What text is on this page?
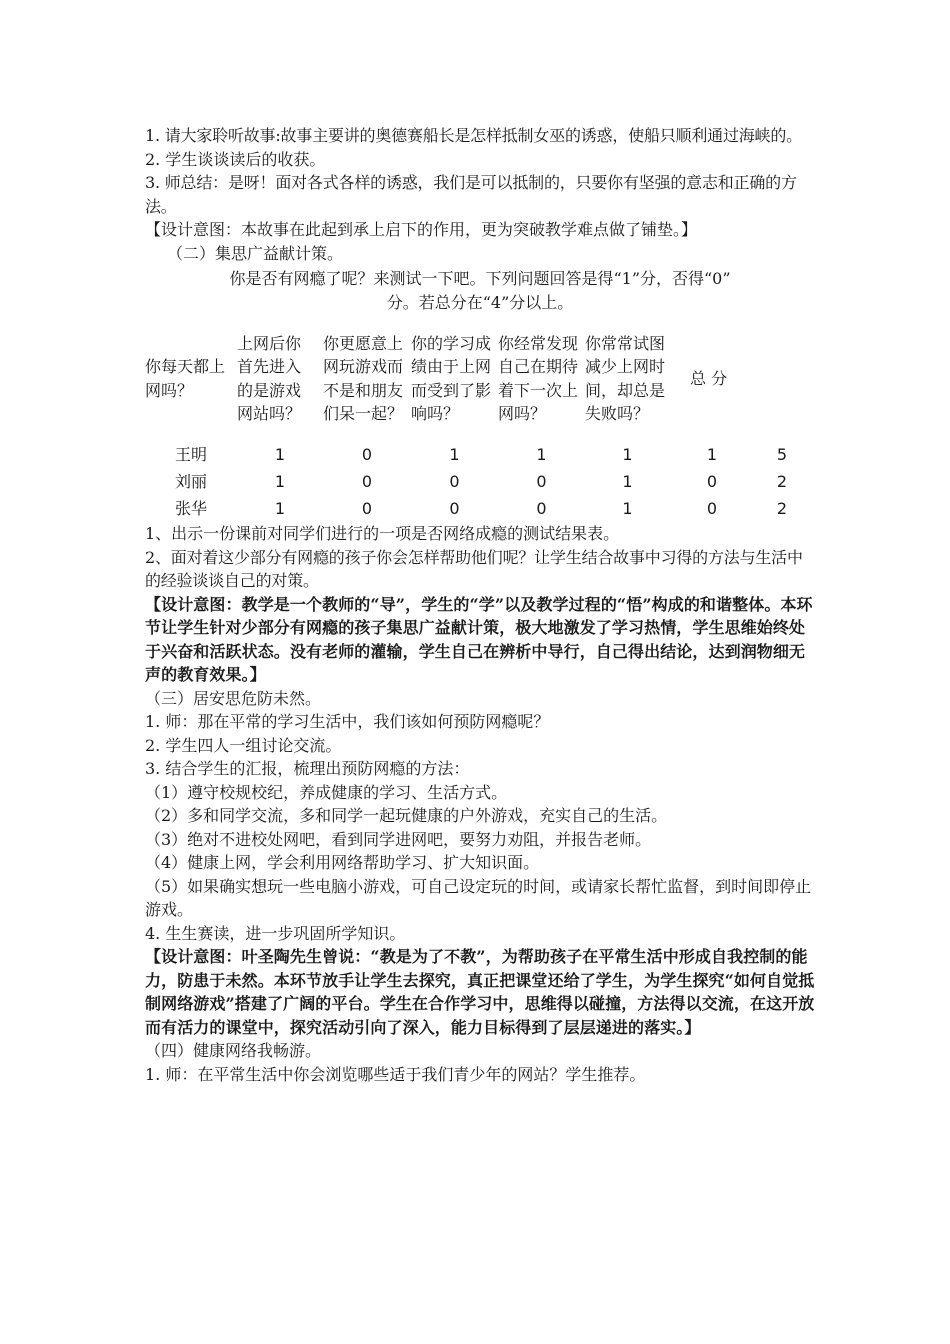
1. 请大家聆听故事:故事主要讲的奥德赛船长是怎样抵制女巫的诱惑，使船只顺利通过海峡的。

2. 学生谈谈读后的收获。

3. 师总结：是呀！面对各式各样的诱惑，我们是可以抵制的，只要你有坚强的意志和正确的方法。

【设计意图：本故事在此起到承上启下的作用，更为突破教学难点做了铺垫。】

（二）集思广益献计策。

你是否有网瘾了呢？来测试一下吧。下列问题回答是得“1”分，否得“0”

分。若总分在“4”分以上。

你每天都上网吗？	上网后你首先进入的是游戏网站吗？	你更愿意上网玩游戏而不是和朋友们呆一起？	你的学习成绩由于上网而受到了影响吗？	你经常发现自己在期待着下一次上网吗？	你常常试图减少上网时间，却总是失败吗？	总 分	
王明	1	0	1	1	1	1	5
刘丽	1	0	0	0	1	0	2
张华	1	0	0	0	1	0	2

1、出示一份课前对同学们进行的一项是否网络成瘾的测试结果表。

2、面对着这少部分有网瘾的孩子你会怎样帮助他们呢？让学生结合故事中习得的方法与生活中的经验谈谈自己的对策。

【设计意图：教学是一个教师的“导”，学生的“学”以及教学过程的“悟”构成的和谐整体。本环节让学生针对少部分有网瘾的孩子集思广益献计策，极大地激发了学习热情，学生思维始终处于兴奋和活跃状态。没有老师的灌输，学生自己在辨析中导行，自己得出结论，达到润物细无声的教育效果。】

（三）居安思危防未然。

1. 师：那在平常的学习生活中，我们该如何预防网瘾呢？

2. 学生四人一组讨论交流。

3. 结合学生的汇报，梳理出预防网瘾的方法：

（1）遵守校规校纪，养成健康的学习、生活方式。

（2）多和同学交流，多和同学一起玩健康的户外游戏，充实自己的生活。

（3）绝对不进校处网吧，看到同学进网吧，要努力劝阻，并报告老师。

（4）健康上网，学会利用网络帮助学习、扩大知识面。

（5）如果确实想玩一些电脑小游戏，可自己设定玩的时间，或请家长帮忙监督，到时间即停止游戏。

4. 生生赛读，进一步巩固所学知识。

【设计意图：叶圣陶先生曾说：“教是为了不教”，为帮助孩子在平常生活中形成自我控制的能力，防患于未然。本环节放手让学生去探究，真正把课堂还给了学生，为学生探究“如何自觉抵制网络游戏”搭建了广阔的平台。学生在合作学习中，思维得以碰撞，方法得以交流，在这开放而有活力的课堂中，探究活动引向了深入，能力目标得到了层层递进的落实。】

（四）健康网络我畅游。

1. 师：在平常生活中你会浏览哪些适于我们青少年的网站？学生推荐。
